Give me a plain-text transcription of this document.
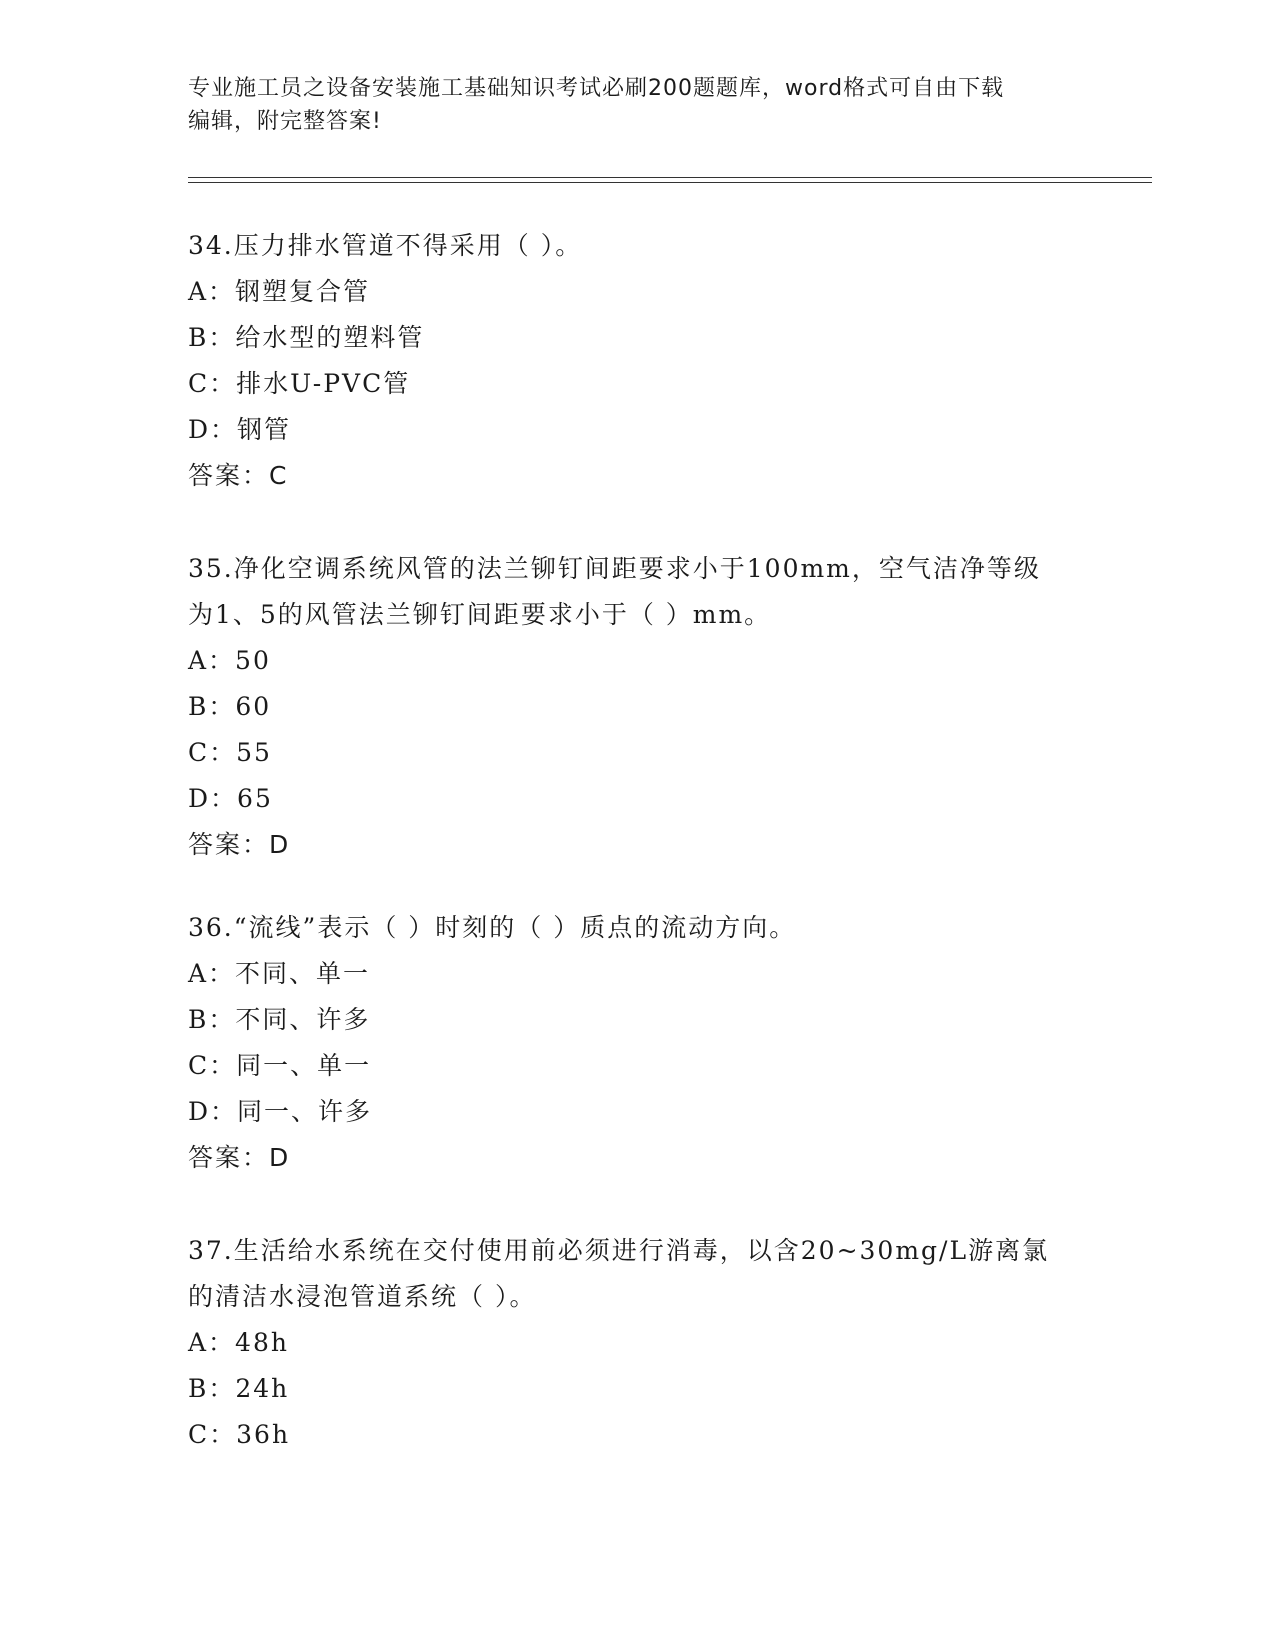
专业施工员之设备安装施工基础知识考试必刷200题题库，word格式可自由下载
编辑，附完整答案!
34.压力排水管道不得采用（ ）。
A：钢塑复合管
B：给水型的塑料管
C：排水U-PVC管
D：钢管
答案：C
35.净化空调系统风管的法兰铆钉间距要求小于100mm，空气洁净等级
为1、5的风管法兰铆钉间距要求小于（ ）mm。
A：50
B：60
C：55
D：65
答案：D
36.“流线”表示（ ）时刻的（ ）质点的流动方向。
A：不同、单一
B：不同、许多
C：同一、单一
D：同一、许多
答案：D
37.生活给水系统在交付使用前必须进行消毒，以含20~30mg/L游离氯
的清洁水浸泡管道系统（ ）。
A：48h
B：24h
C：36h
